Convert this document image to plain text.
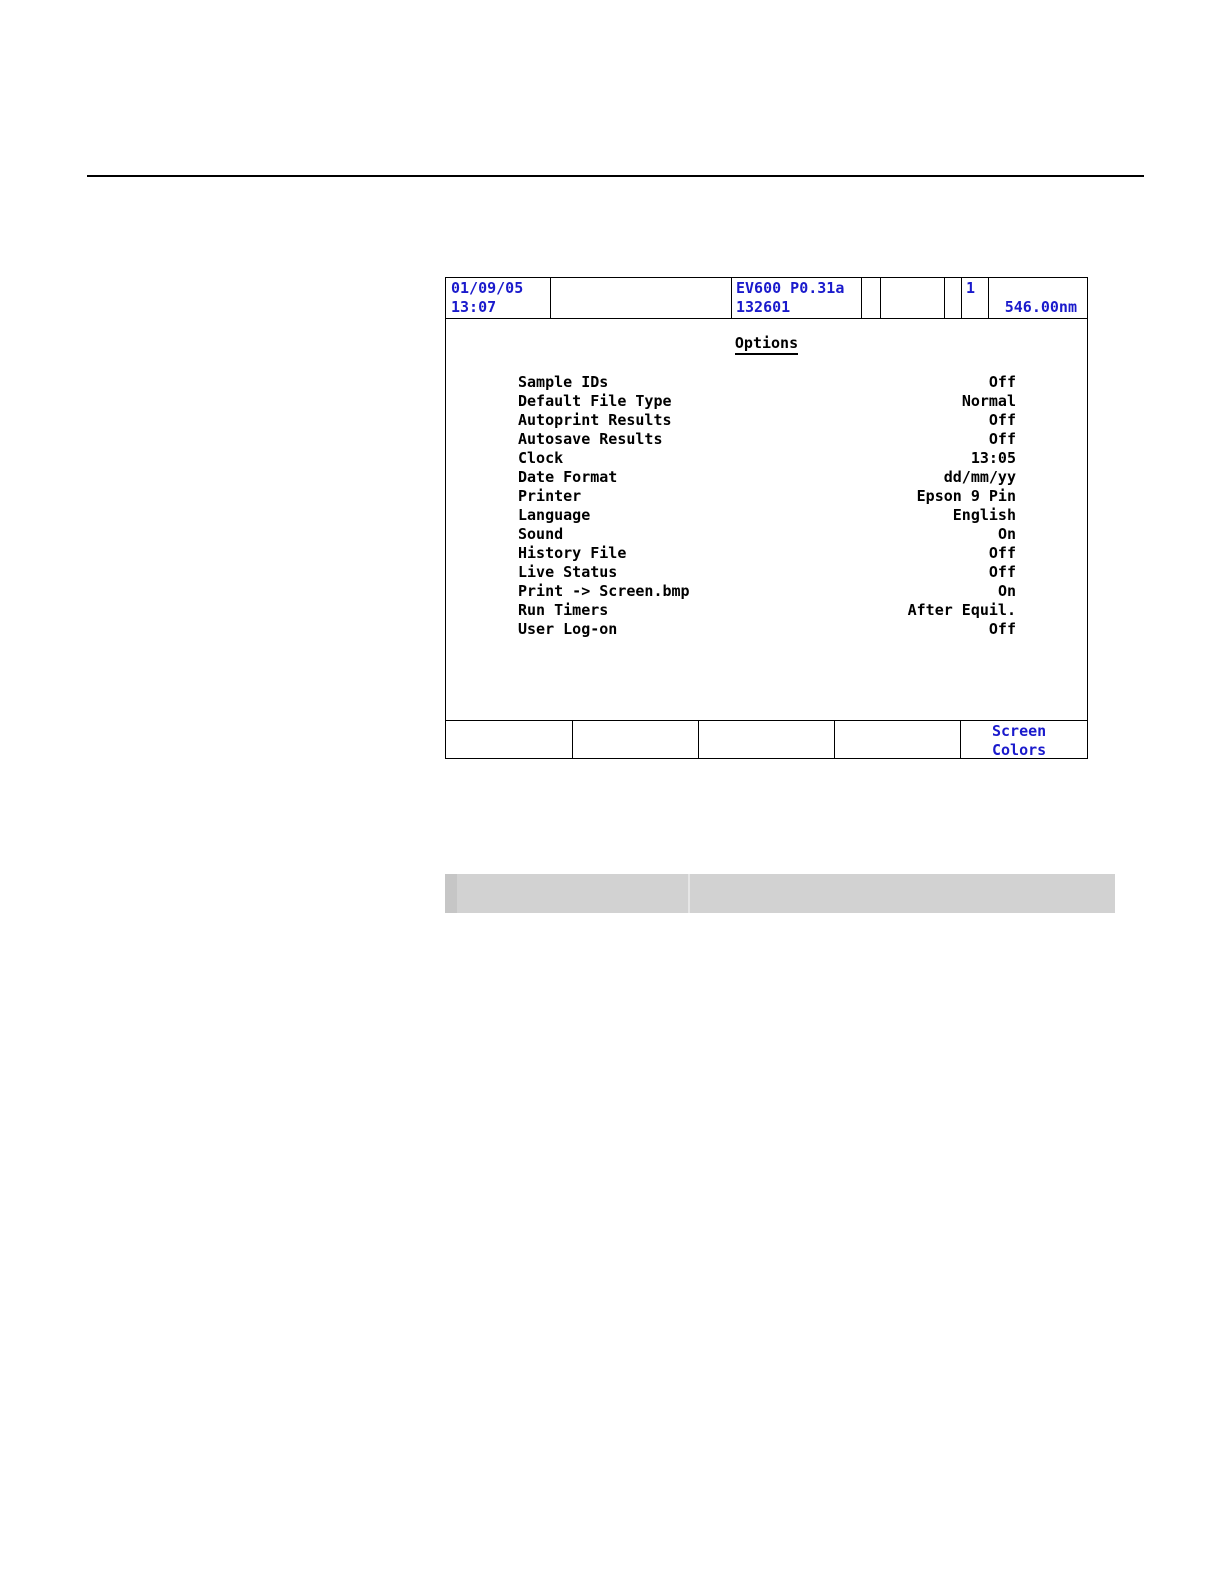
01/09/05
13:07
EV600 P0.31a
132601
1
546.00nm
Options
Sample IDs	Off
Default File Type	Normal
Autoprint Results	Off
Autosave Results	Off
Clock	13:05
Date Format	dd/mm/yy
Printer	Epson 9 Pin
Language	English
Sound	On
History File	Off
Live Status	Off
Print -> Screen.bmp	On
Run Timers	After Equil.
User Log-on	Off
Screen
Colors
